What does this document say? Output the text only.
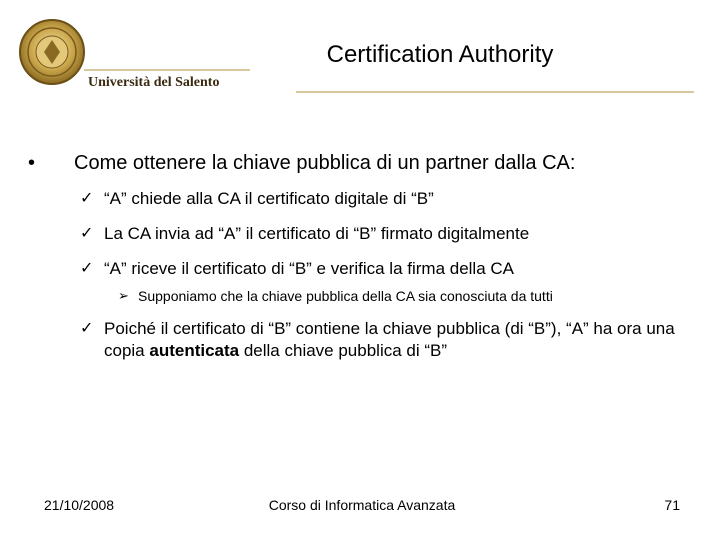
Università del Salento
Certification Authority
•	Come ottenere la chiave pubblica di un partner dalla CA:
✓ “A” chiede alla CA il certificato digitale di “B”
✓ La CA invia ad “A” il certificato di “B” firmato digitalmente
✓ “A” riceve il certificato di “B” e verifica la firma della CA
➢ Supponiamo che la chiave pubblica della CA sia conosciuta da tutti
✓ Poiché il certificato di “B” contiene la chiave pubblica (di “B”), “A” ha ora una copia autenticata della chiave pubblica di “B”
21/10/2008	Corso di Informatica Avanzata	71
